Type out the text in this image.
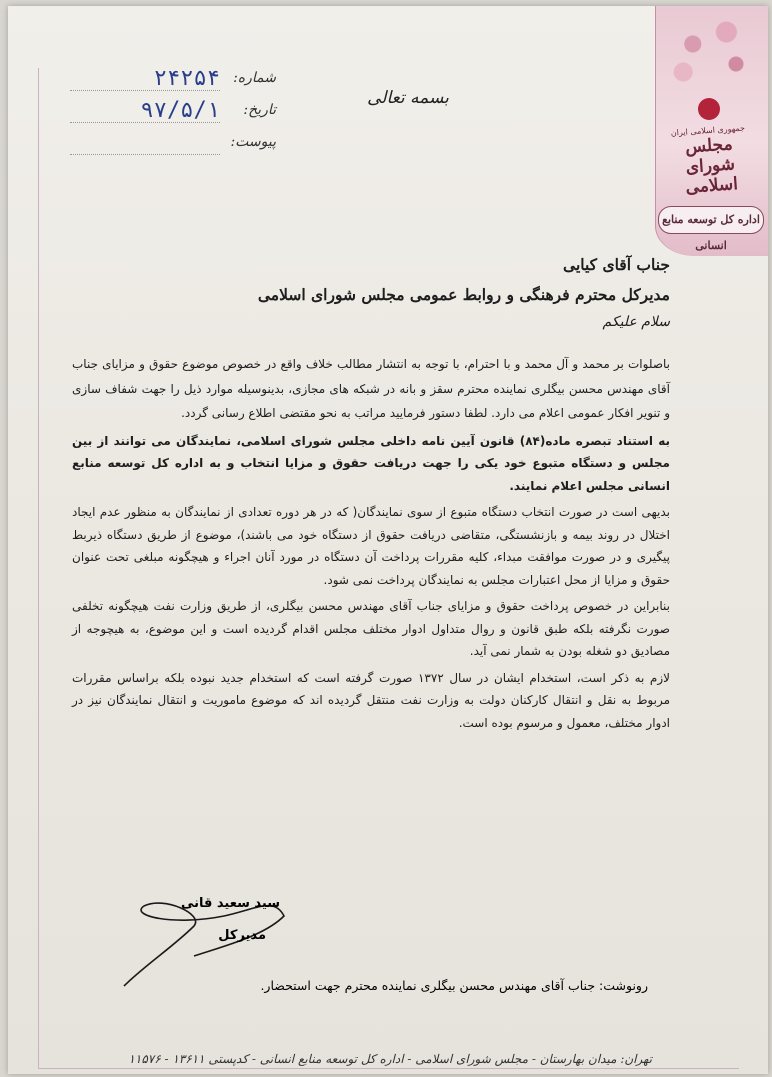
جمهوری اسلامی ایران
مجلس شورای اسلامی
اداره کل توسعه منابع انسانی
بسمه تعالی
شماره:
۲۴۲۵۴
تاریخ:
۹۷/۵/۱
پیوست:

جناب آقای کیایی

مدیرکل محترم فرهنگی و روابط عمومی مجلس شورای اسلامی

سلام علیکم

باصلوات بر محمد و آل محمد و با احترام، با توجه به انتشار مطالب خلاف واقع در خصوص موضوع حقوق و مزایای جناب آقای مهندس محسن بیگلری نماینده محترم سقز و بانه در شبکه های مجازی، بدینوسیله موارد ذیل را جهت شفاف سازی و تنویر افکار عمومی اعلام می دارد. لطفا دستور فرمایید مراتب به نحو مقتضی اطلاع رسانی گردد.

به استناد تبصره ماده(۸۴) قانون آیین نامه داخلی مجلس شورای اسلامی، نمایندگان می توانند از بین مجلس و دستگاه متبوع خود یکی را جهت دریافت حقوق و مزایا انتخاب و به اداره کل توسعه منابع انسانی مجلس اعلام نمایند.

بدیهی است در صورت انتخاب دستگاه متبوع از سوی نمایندگان( که در هر دوره تعدادی از نمایندگان به منظور عدم ایجاد اختلال در روند بیمه و بازنشستگی، متقاضی دریافت حقوق از دستگاه خود می باشند)، موضوع از طریق دستگاه ذیربط پیگیری و در صورت موافقت مبداء، کلیه مقررات پرداخت آن دستگاه در مورد آنان اجراء و هیچگونه مبلغی تحت عنوان حقوق و مزایا از محل اعتبارات مجلس به نمایندگان پرداخت نمی شود.

بنابراین در خصوص پرداخت حقوق و مزایای جناب آقای مهندس محسن بیگلری، از طریق وزارت نفت هیچگونه تخلفی صورت نگرفته بلکه طبق قانون و روال متداول ادوار مختلف مجلس اقدام گردیده است و این موضوع، به هیچوجه از مصادیق دو شغله بودن به شمار نمی آید.

لازم به ذکر است، استخدام ایشان در سال ۱۳۷۲ صورت گرفته است که استخدام جدید نبوده بلکه براساس مقررات مربوط به نقل و انتقال کارکنان دولت به وزارت نفت منتقل گردیده اند که موضوع ماموریت و انتقال نمایندگان نیز در ادوار مختلف، معمول و مرسوم بوده است.

سید سعید قانی
مدیرکل
رونوشت: جناب آقای مهندس محسن بیگلری نماینده محترم جهت استحضار.
تهران: میدان بهارستان - مجلس شورای اسلامی - اداره کل توسعه منابع انسانی - کدپستی ۱۳۶۱۱ - ۱۱۵۷۶
